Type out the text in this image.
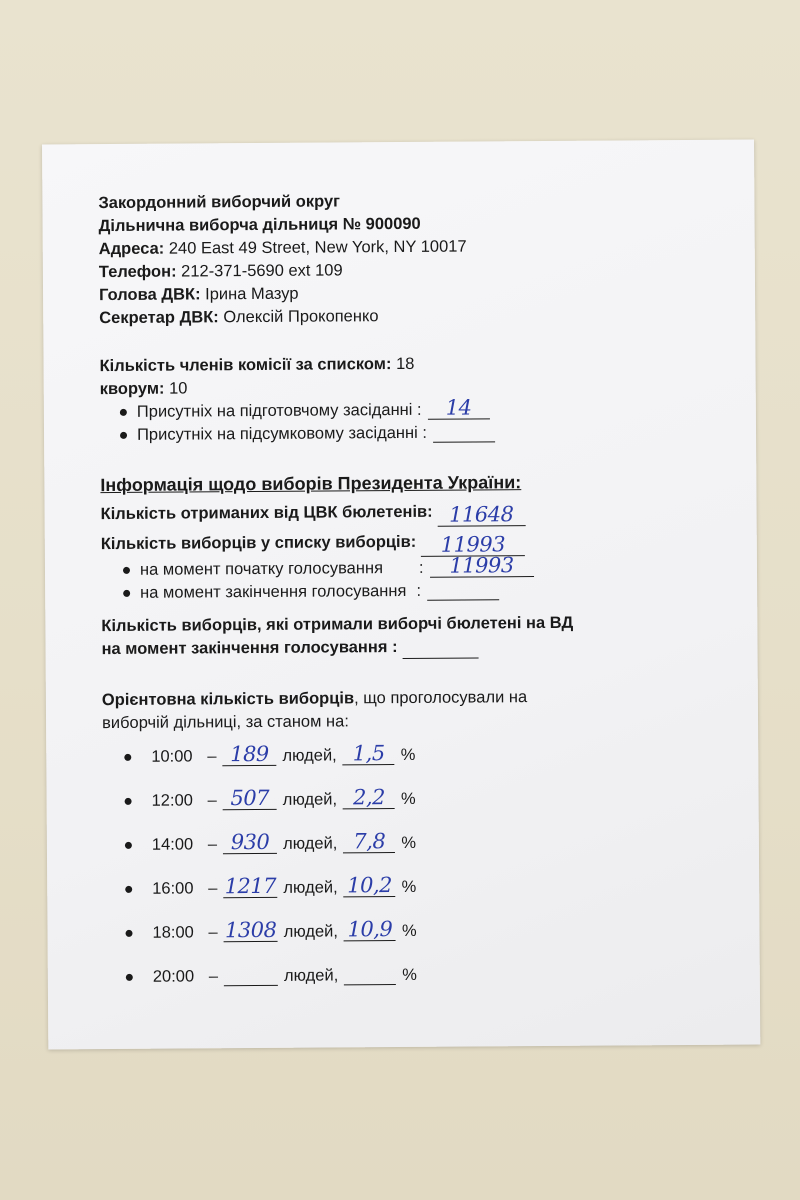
Закордонний виборчий округ
Дільнична виборча дільниця № 900090
Адреса: 240 East 49 Street, New York, NY 10017
Телефон: 212-371-5690 ext 109
Голова ДВК: Ірина Мазур
Секретар ДВК: Олексій Прокопенко
Кількість членів комісії за списком: 18
кворум: 10
Присутніх на підготовчому засіданні :	14
Присутніх на підсумковому засіданні :
Інформація щодо виборів Президента України:
Кількість отриманих від ЦВК бюлетенів: 11648
Кількість виборців у списку виборців:	11993
на момент початку голосування :	11993
на момент закінчення голосування :
Кількість виборців, які отримали виборчі бюлетені на ВД
на момент закінчення голосування :
Орієнтовна кількість виборців, що проголосували на
виборчій дільниці, за станом на:
10:00 – 189 людей, 1,5 %
12:00 – 507 людей, 2,2 %
14:00 – 930 людей, 7,8 %
16:00 – 1217 людей, 10,2 %
18:00 – 1308 людей, 10,9 %
20:00 –	людей,	%
